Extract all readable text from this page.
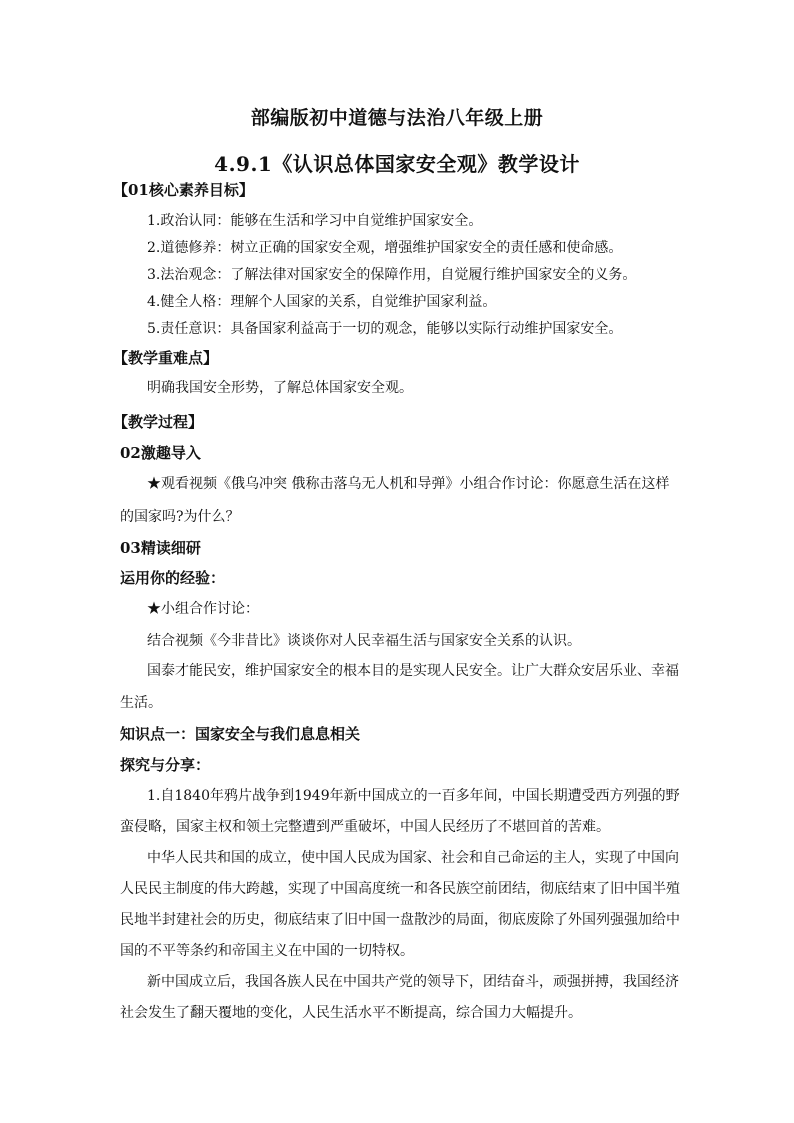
部编版初中道德与法治八年级上册
4.9.1《认识总体国家安全观》教学设计
【01核心素养目标】
1.政治认同：能够在生活和学习中自觉维护国家安全。
2.道德修养：树立正确的国家安全观，增强维护国家安全的责任感和使命感。
3.法治观念：了解法律对国家安全的保障作用，自觉履行维护国家安全的义务。
4.健全人格：理解个人国家的关系，自觉维护国家利益。
5.责任意识：具备国家利益高于一切的观念，能够以实际行动维护国家安全。
【教学重难点】
明确我国安全形势，了解总体国家安全观。
【教学过程】
02激趣导入
★观看视频《俄乌冲突 俄称击落乌无人机和导弹》小组合作讨论：你愿意生活在这样
的国家吗?为什么？
03精读细研
运用你的经验：
★小组合作讨论：
结合视频《今非昔比》谈谈你对人民幸福生活与国家安全关系的认识。
国泰才能民安，维护国家安全的根本目的是实现人民安全。让广大群众安居乐业、幸福
生活。
知识点一：国家安全与我们息息相关
探究与分享：
1.自1840年鸦片战争到1949年新中国成立的一百多年间，中国长期遭受西方列强的野
蛮侵略，国家主权和领土完整遭到严重破坏，中国人民经历了不堪回首的苦难。
中华人民共和国的成立，使中国人民成为国家、社会和自己命运的主人，实现了中国向
人民民主制度的伟大跨越，实现了中国高度统一和各民族空前团结，彻底结束了旧中国半殖
民地半封建社会的历史，彻底结束了旧中国一盘散沙的局面，彻底废除了外国列强强加给中
国的不平等条约和帝国主义在中国的一切特权。
新中国成立后，我国各族人民在中国共产党的领导下，团结奋斗，顽强拼搏，我国经济
社会发生了翻天覆地的变化，人民生活水平不断提高，综合国力大幅提升。
